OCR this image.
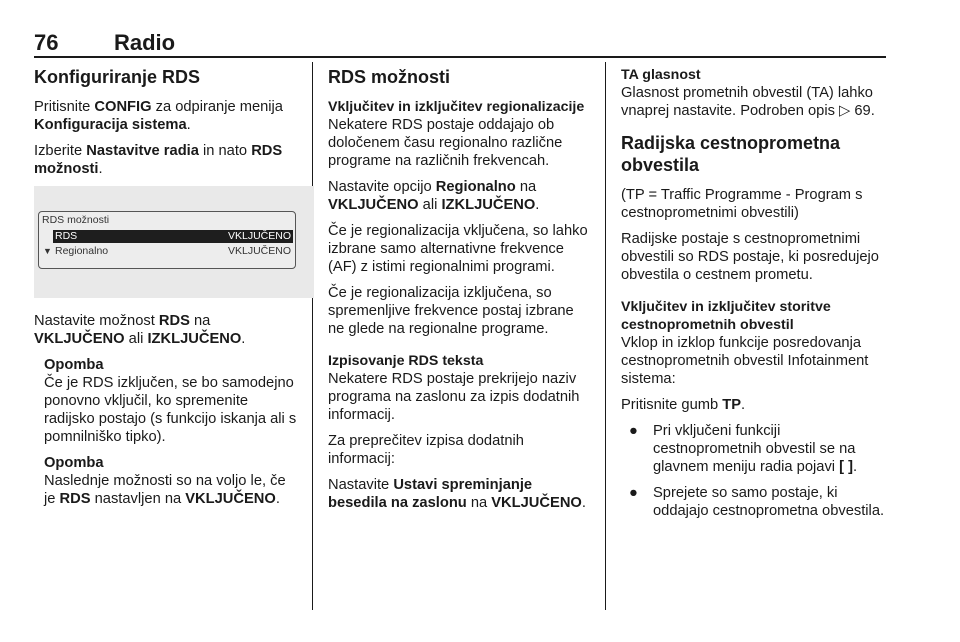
76	Radio
Konfiguriranje RDS

Pritisnite CONFIG za odpiranje menija Konfiguracija sistema.

Izberite Nastavitve radia in nato RDS možnosti.

RDS možnosti
RDS	VKLJUČENO
▼ Regionalno	VKLJUČENO

Nastavite možnost RDS na VKLJUČENO ali IZKLJUČENO.

Opomba

Če je RDS izključen, se bo samodejno ponovno vključil, ko spremenite radijsko postajo (s funkcijo iskanja ali s pomnilniško tipko).

Opomba

Naslednje možnosti so na voljo le, če je RDS nastavljen na VKLJUČENO.

RDS možnosti
Vključitev in izključitev regionalizacije

Nekatere RDS postaje oddajajo ob določenem času regionalno različne programe na različnih frekvencah.

Nastavite opcijo Regionalno na VKLJUČENO ali IZKLJUČENO.

Če je regionalizacija vključena, so lahko izbrane samo alternativne frekvence (AF) z istimi regionalnimi programi.

Če je regionalizacija izključena, so spremenljive frekvence postaj izbrane ne glede na regionalne programe.

Izpisovanje RDS teksta

Nekatere RDS postaje prekrijejo naziv programa na zaslonu za izpis dodatnih informacij.

Za preprečitev izpisa dodatnih informacij:

Nastavite Ustavi spreminjanje besedila na zaslonu na VKLJUČENO.

TA glasnost

Glasnost prometnih obvestil (TA) lahko vnaprej nastavite. Podroben opis ▷ 69.

Radijska cestnoprometna obvestila

(TP = Traffic Programme - Program s cestnoprometnimi obvestili)

Radijske postaje s cestnoprometnimi obvestili so RDS postaje, ki posredujejo obvestila o cestnem prometu.

Vključitev in izključitev storitve cestnoprometnih obvestil

Vklop in izklop funkcije posredovanja cestnoprometnih obvestil Infotainment sistema:

Pritisnite gumb TP.

● Pri vključeni funkciji cestnoprometnih obvestil se na glavnem meniju radia pojavi [ ].
● Sprejete so samo postaje, ki oddajajo cestnoprometna obvestila.
